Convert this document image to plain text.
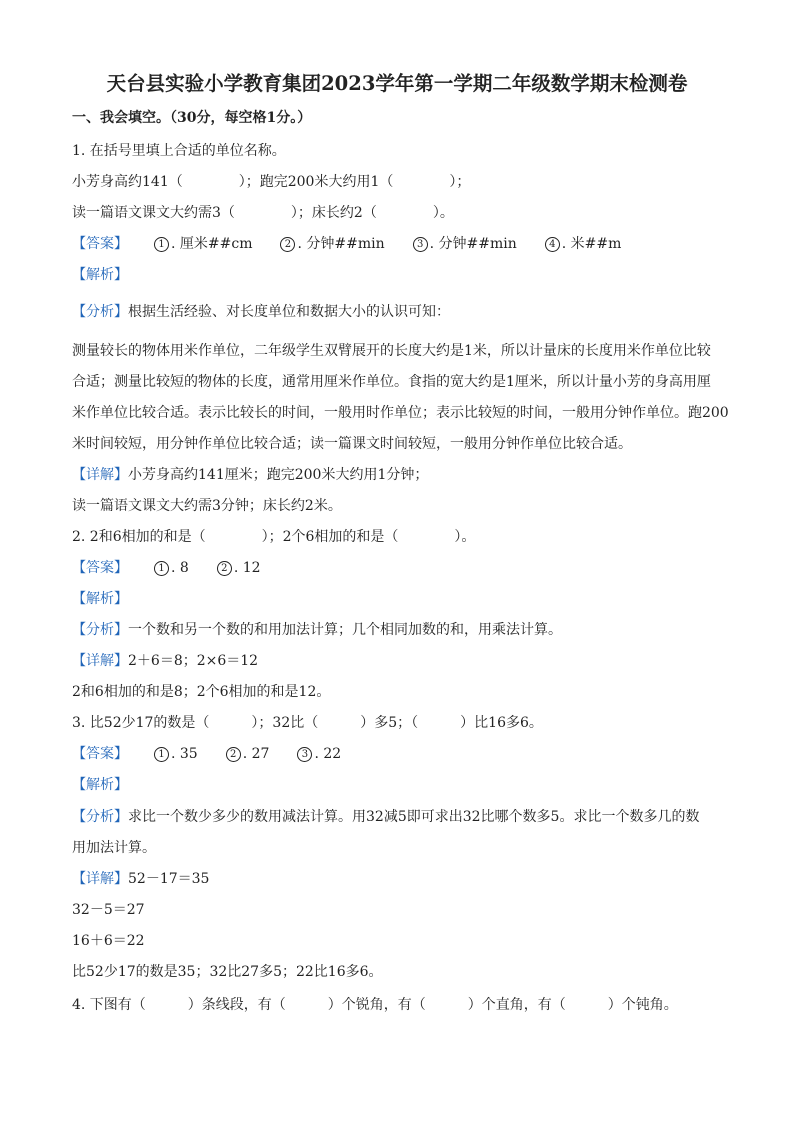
天台县实验小学教育集团2023学年第一学期二年级数学期末检测卷
一、我会填空。（30分，每空格1分。）
1. 在括号里填上合适的单位名称。
小芳身高约141（　　　　）；跑完200米大约用1（　　　　）；
读一篇语文课文大约需3（　　　　）；床长约2（　　　　）。
【答案】	1 . 厘米##cm	2 . 分钟##min	3 . 分钟##min	4 . 米##m
【解析】
【分析】根据生活经验、对长度单位和数据大小的认识可知：
测量较长的物体用米作单位，二年级学生双臂展开的长度大约是1米，所以计量床的长度用米作单位比较
合适；测量比较短的物体的长度，通常用厘米作单位。食指的宽大约是1厘米，所以计量小芳的身高用厘
米作单位比较合适。表示比较长的时间，一般用时作单位；表示比较短的时间，一般用分钟作单位。跑200
米时间较短，用分钟作单位比较合适；读一篇课文时间较短，一般用分钟作单位比较合适。
【详解】小芳身高约141厘米；跑完200米大约用1分钟；
读一篇语文课文大约需3分钟；床长约2米。
2. 2和6相加的和是（　　　　）；2个6相加的和是（　　　　）。
【答案】	1 . 8	2 . 12
【解析】
【分析】一个数和另一个数的和用加法计算；几个相同加数的和，用乘法计算。
【详解】2＋6＝8；2×6＝12
2和6相加的和是8；2个6相加的和是12。
3. 比52少17的数是（　　　）；32比（　　　）多5；（　　　）比16多6。
【答案】	1 . 35	2 . 27	3 . 22
【解析】
【分析】求比一个数少多少的数用减法计算。用32减5即可求出32比哪个数多5。求比一个数多几的数
用加法计算。
【详解】52－17＝35
32－5＝27
16＋6＝22
比52少17的数是35；32比27多5；22比16多6。
4. 下图有（　　　）条线段，有（　　　）个锐角，有（　　　）个直角，有（　　　）个钝角。
